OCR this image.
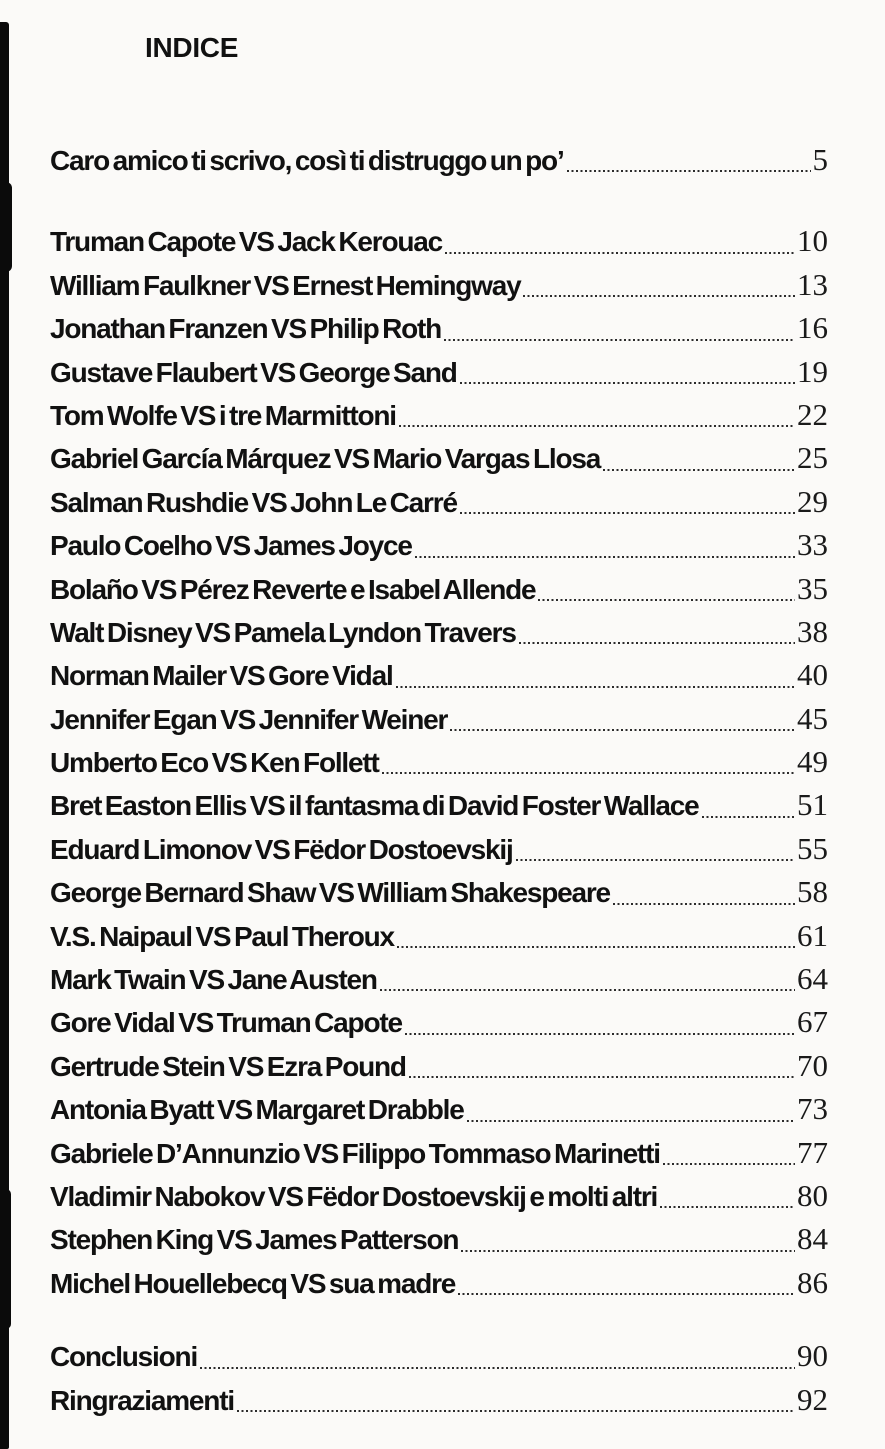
INDICE
Caro amico ti scrivo, così ti distruggo un po’	5
Truman Capote VS Jack Kerouac	10
William Faulkner VS Ernest Hemingway	13
Jonathan Franzen VS Philip Roth	16
Gustave Flaubert VS George Sand	19
Tom Wolfe VS i tre Marmittoni	22
Gabriel García Márquez VS Mario Vargas Llosa	25
Salman Rushdie VS John Le Carré	29
Paulo Coelho VS James Joyce	33
Bolaño VS Pérez Reverte e Isabel Allende	35
Walt Disney VS Pamela Lyndon Travers	38
Norman Mailer VS Gore Vidal	40
Jennifer Egan VS Jennifer Weiner	45
Umberto Eco VS Ken Follett	49
Bret Easton Ellis VS il fantasma di David Foster Wallace	51
Eduard Limonov VS Fëdor Dostoevskij	55
George Bernard Shaw VS William Shakespeare	58
V.S. Naipaul VS Paul Theroux	61
Mark Twain VS Jane Austen	64
Gore Vidal VS Truman Capote	67
Gertrude Stein VS Ezra Pound	70
Antonia Byatt VS Margaret Drabble	73
Gabriele D’Annunzio VS Filippo Tommaso Marinetti	77
Vladimir Nabokov VS Fëdor Dostoevskij e molti altri	80
Stephen King VS James Patterson	84
Michel Houellebecq VS sua madre	86
Conclusioni	90
Ringraziamenti	92
